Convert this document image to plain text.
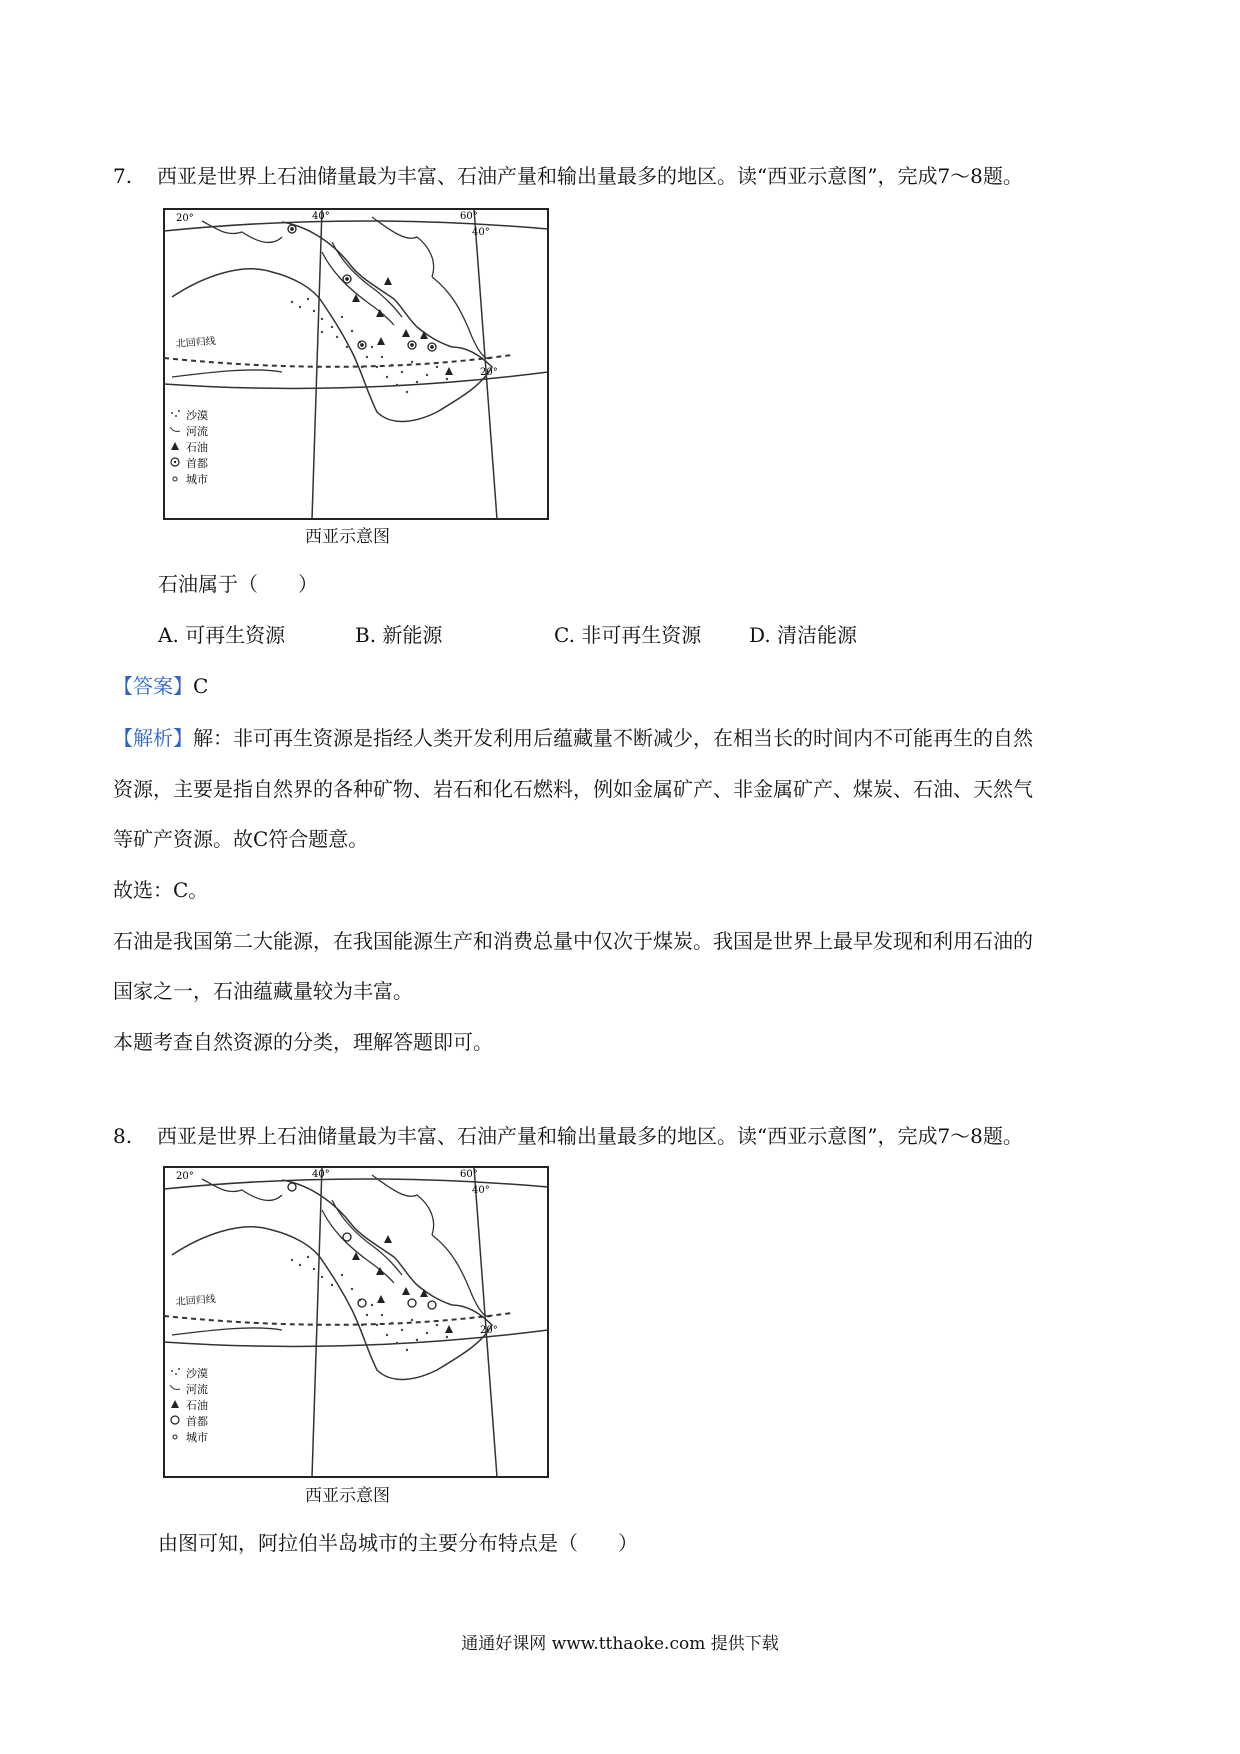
7. 西亚是世界上石油储量最为丰富、石油产量和输出量最多的地区。读“西亚示意图”，完成7～8题。
20°	40°	60°
40°
20°
北回归线
沙漠
河流
石油
首都
城市
西亚示意图
石油属于（　　）
A. 可再生资源	B. 新能源	C. 非可再生资源 D. 清洁能源
【答案】C
【解析】解：非可再生资源是指经人类开发利用后蕴藏量不断减少，在相当长的时间内不可能再生的自然
资源，主要是指自然界的各种矿物、岩石和化石燃料，例如金属矿产、非金属矿产、煤炭、石油、天然气
等矿产资源。故C符合题意。
故选：C。
石油是我国第二大能源，在我国能源生产和消费总量中仅次于煤炭。我国是世界上最早发现和利用石油的
国家之一，石油蕴藏量较为丰富。
本题考查自然资源的分类，理解答题即可。
8. 西亚是世界上石油储量最为丰富、石油产量和输出量最多的地区。读“西亚示意图”，完成7～8题。
20°	40°	60°
40°
20°
北回归线
沙漠
河流
石油
首都
城市
西亚示意图
由图可知，阿拉伯半岛城市的主要分布特点是（　　）
通通好课网 www.tthaoke.com 提供下载
